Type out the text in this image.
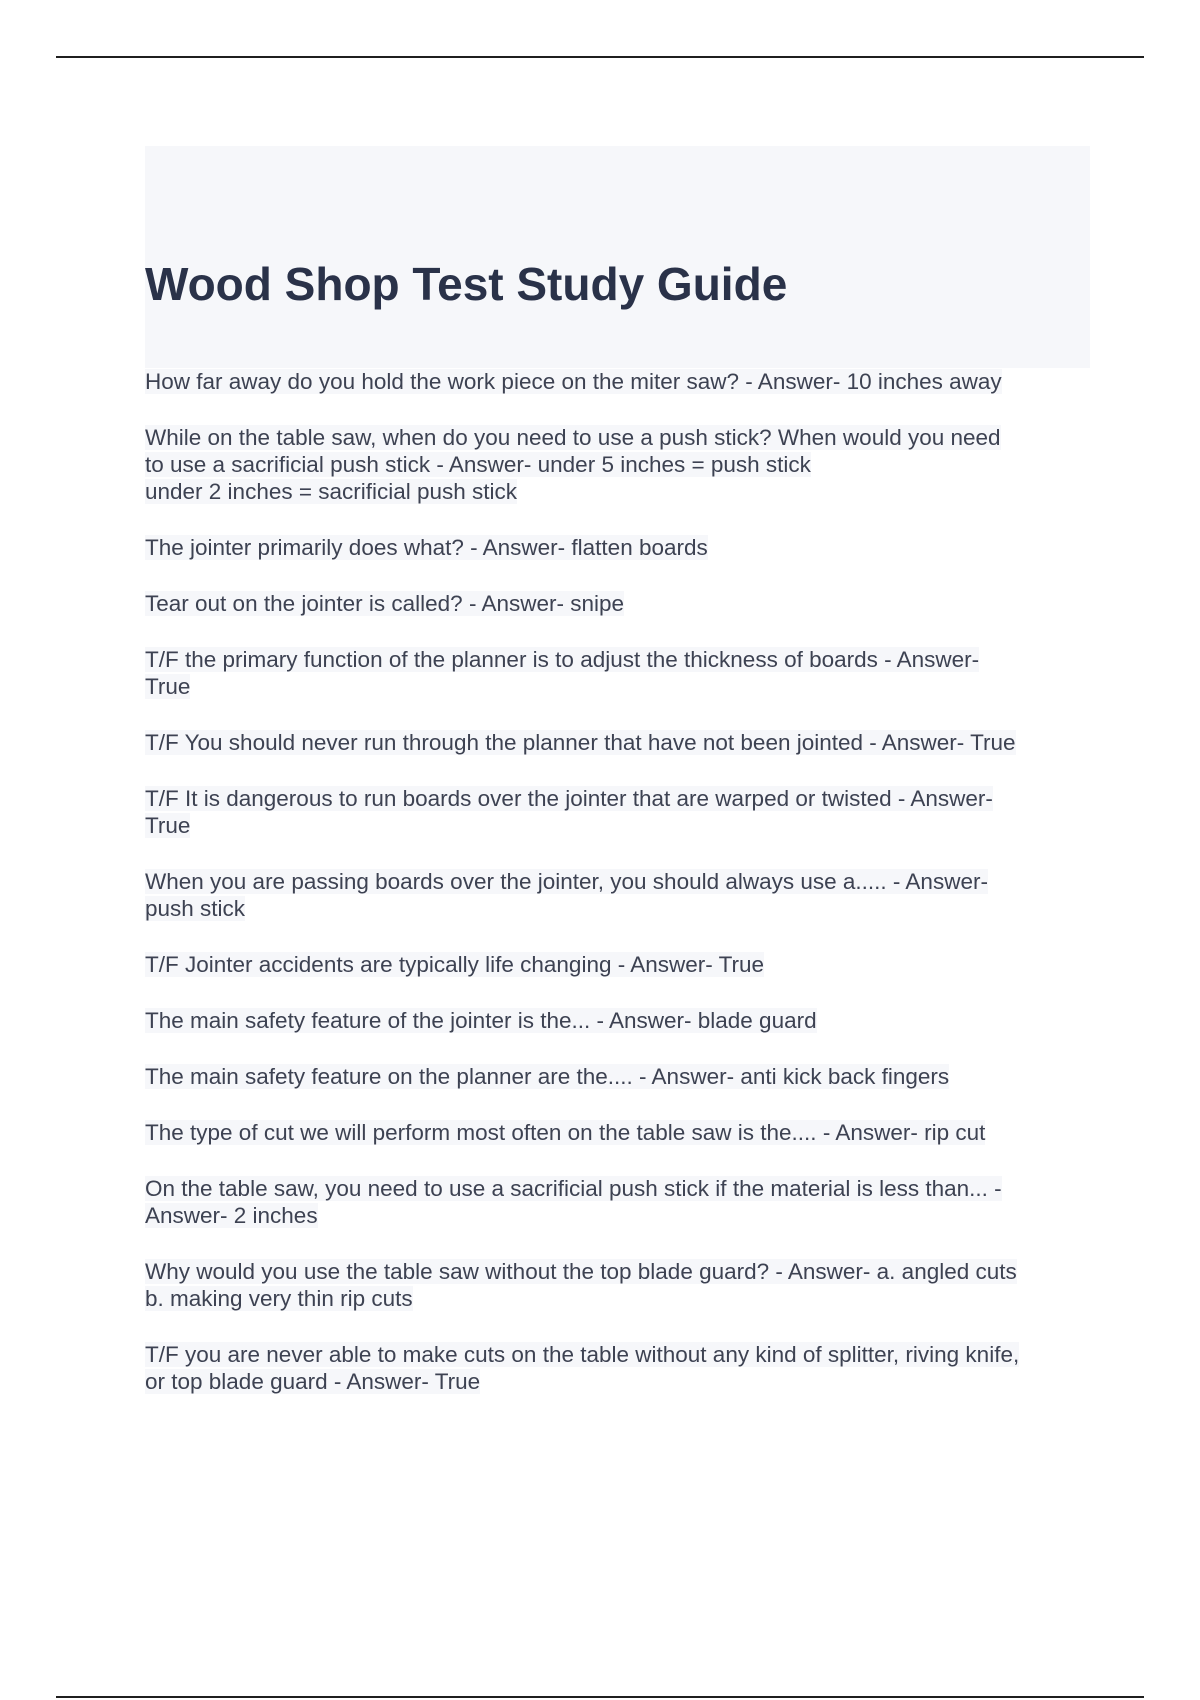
Wood Shop Test Study Guide

How far away do you hold the work piece on the miter saw? - Answer- 10 inches away

While on the table saw, when do you need to use a push stick? When would you need
to use a sacrificial push stick - Answer- under 5 inches = push stick
under 2 inches = sacrificial push stick

The jointer primarily does what? - Answer- flatten boards

Tear out on the jointer is called? - Answer- snipe

T/F the primary function of the planner is to adjust the thickness of boards - Answer-
True

T/F You should never run through the planner that have not been jointed - Answer- True

T/F It is dangerous to run boards over the jointer that are warped or twisted - Answer-
True

When you are passing boards over the jointer, you should always use a..... - Answer-
push stick

T/F Jointer accidents are typically life changing - Answer- True

The main safety feature of the jointer is the... - Answer- blade guard

The main safety feature on the planner are the.... - Answer- anti kick back fingers

The type of cut we will perform most often on the table saw is the.... - Answer- rip cut

On the table saw, you need to use a sacrificial push stick if the material is less than... -
Answer- 2 inches

Why would you use the table saw without the top blade guard? - Answer- a. angled cuts
b. making very thin rip cuts

T/F you are never able to make cuts on the table without any kind of splitter, riving knife,
or top blade guard - Answer- True
